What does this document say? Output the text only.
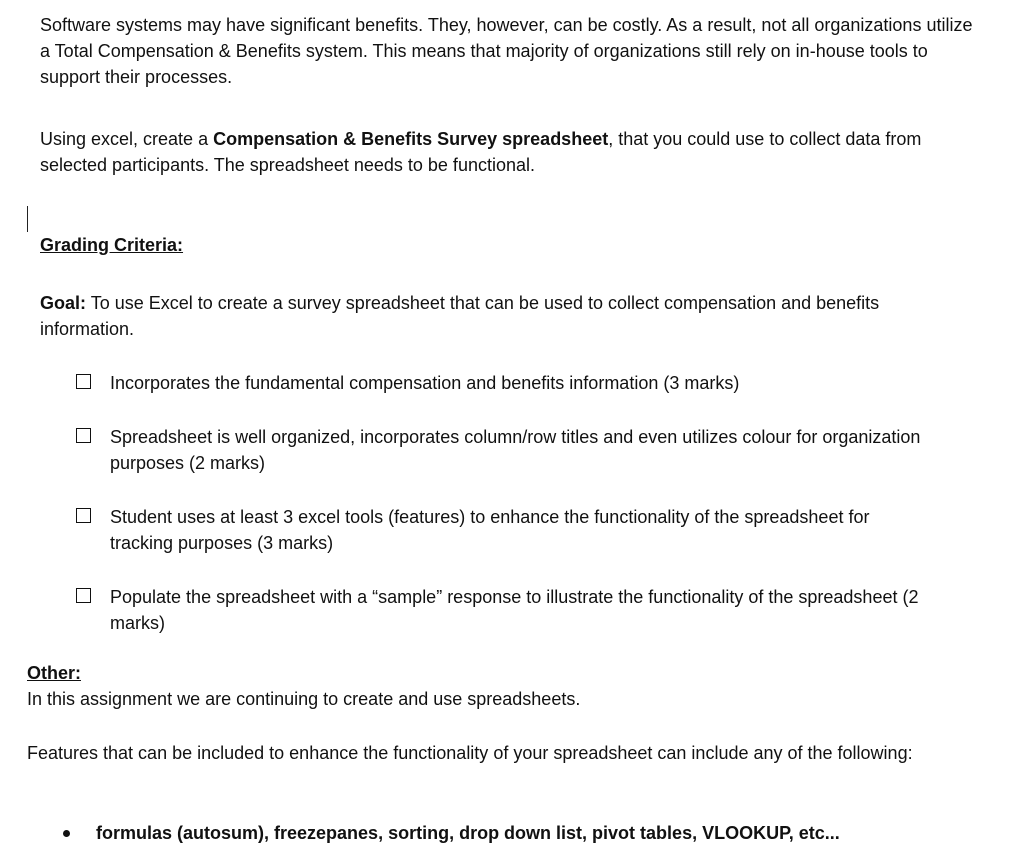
Software systems may have significant benefits. They, however, can be costly. As a result, not all organizations utilize a Total Compensation & Benefits system. This means that majority of organizations still rely on in-house tools to support their processes.

Using excel, create a Compensation & Benefits Survey spreadsheet, that you could use to collect data from selected participants. The spreadsheet needs to be functional.

Grading Criteria:

Goal: To use Excel to create a survey spreadsheet that can be used to collect compensation and benefits information.

Incorporates the fundamental compensation and benefits information (3 marks)
Spreadsheet is well organized, incorporates column/row titles and even utilizes colour for organization purposes (2 marks)
Student uses at least 3 excel tools (features) to enhance the functionality of the spreadsheet for tracking purposes (3 marks)
Populate the spreadsheet with a “sample” response to illustrate the functionality of the spreadsheet (2 marks)

Other:

In this assignment we are continuing to create and use spreadsheets.

Features that can be included to enhance the functionality of your spreadsheet can include any of the following:

formulas (autosum), freezepanes, sorting, drop down list, pivot tables, VLOOKUP, etc...
